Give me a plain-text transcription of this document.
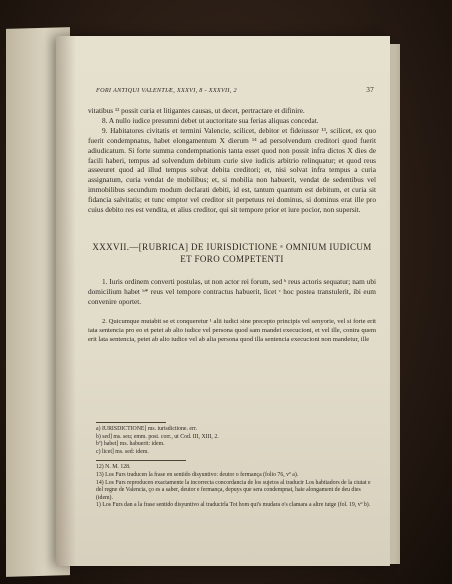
FORI ANTIQUI VALENTIÆ, XXXVI, 8 - XXXVII, 2	37

vitatibus ¹² possit curia et litigantes causas, ut decet, pertractare et difinire.

8. A nullo iudice presumni debet ut auctoritate sua ferias aliquas concedat.

9. Habitatores civitatis et termini Valencie, scilicet, debitor et fideiussor ¹³, scilicet, ex quo fuerit condempnatus, habet elongamentum X dierum ¹⁴ ad persolvendum creditori quod fuerit adiudicatum. Si forte summa condempnationis tanta esset quod non possit infra dictos X dies de facili haberi, tempus ad solvendum debitum curie sive iudicis arbitrio relinquatur; et quod reus asseeuret quod ad illud tempus solvat debita creditori; et, nisi solvat infra tempus a curia assignatum, curia vendat de mobilibus; et, si mobilia non habuerit, vendat de sedentibus vel immobilibus secundum modum declarati debiti, id est, tantum quantum est debitum, et curia sit fidancia salvitatis; et tunc emptor vel creditor sit perpetuus rei dominus, si dominus erat ille pro cuius debito res est vendita, et alius creditor, qui sit tempore prior et iure pocior, non supersit.

XXXVII.—[RUBRICA] DE IURISDICTIONE ᵃ OMNIUM IUDICUM ET FORO COMPETENTI

1. Iuris ordinem converti postulas, ut non actor rei forum, sed ᵇ reus actoris sequatur; nam ubi domicilium habet ᵇ* reus vel tempore contractus habuerit, licet ᶜ hoc postea transtulerit, ibi eum convenire oportet.

2. Quicumque mutabit se et conqueretur ¹ alii iudici sine precepto principis vel senyorie, vel si forte erit iata sentencia pro eo et petet ab alio iudice vel persona quod sam mandet execucioni, et vel ille, contra quem erit lata sentencia, petet ab alio iudice vel ab alia persona quod illa sentencia execucioni non mandetur, ille

a) IURISDICTIONE] ms. iurisdictione. err.

b) sed] ms. seu; emm. post. corr., ut Cod. III, XIII, 2.

bª) habet] ms. habuerit: idem.

c) licet] ms. sed: idem.

12) N. M. 128.

13) Los Furs traducen la frase en sentido disyuntivo: deutor o fermança (folio 76, vº a).

14) Los Furs reproducen exactamente la incorrecta concordancia de los sujetos al traducir Los habitadors de la ciutat e del regne de Valencia, ço es a saber, deutor e fermança, depuys que sera condempnat, haie alongament de deu dies (idem).

1) Los Furs dan a la frase sentido disyuntivo al traducirla Tot hom qui's mudara o's clamara a altre iutge (fol. 19, vº b).
